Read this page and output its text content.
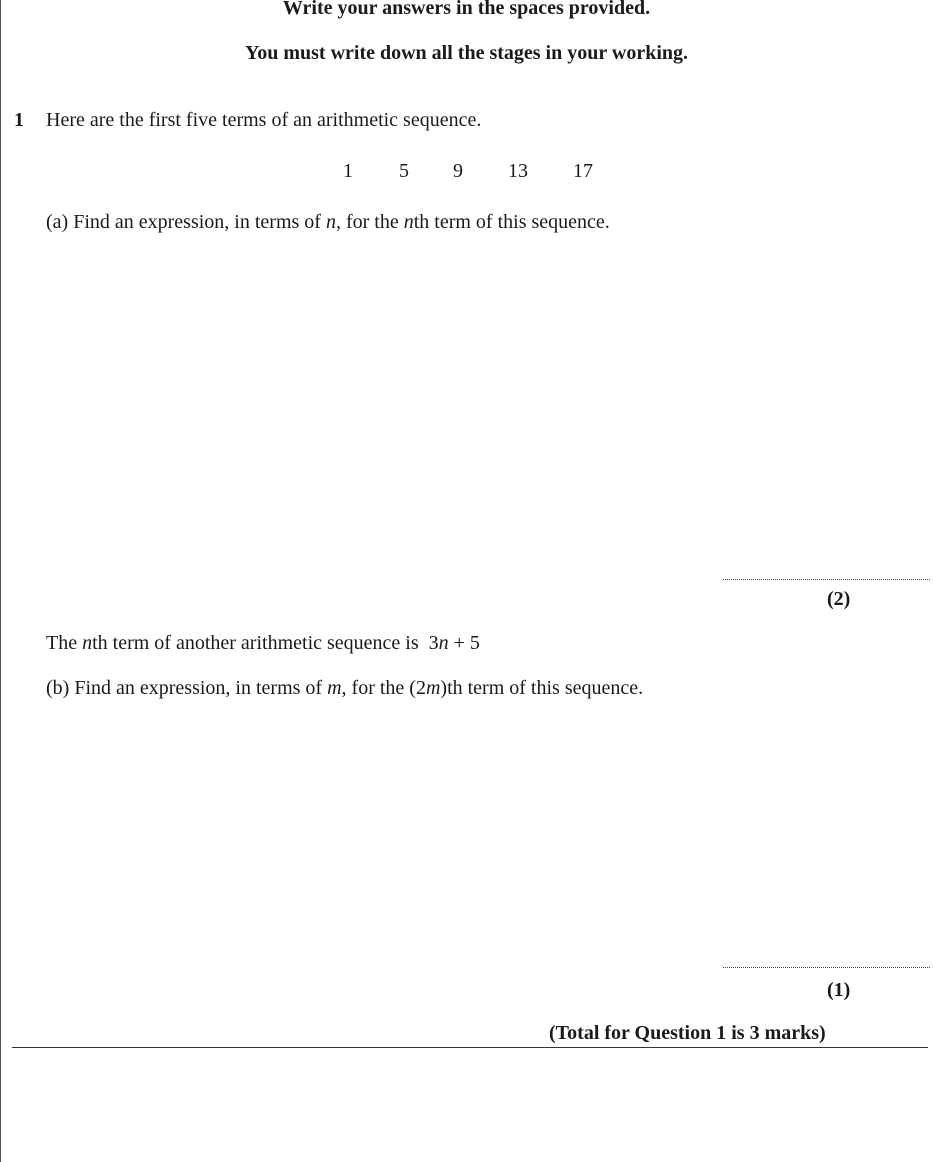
Write your answers in the spaces provided.
You must write down all the stages in your working.
1 Here are the first five terms of an arithmetic sequence.
1 5 9 13 17
(a) Find an expression, in terms of n, for the nth term of this sequence.
(2)
The nth term of another arithmetic sequence is 3n + 5
(b) Find an expression, in terms of m, for the (2m)th term of this sequence.
(1)
(Total for Question 1 is 3 marks)
